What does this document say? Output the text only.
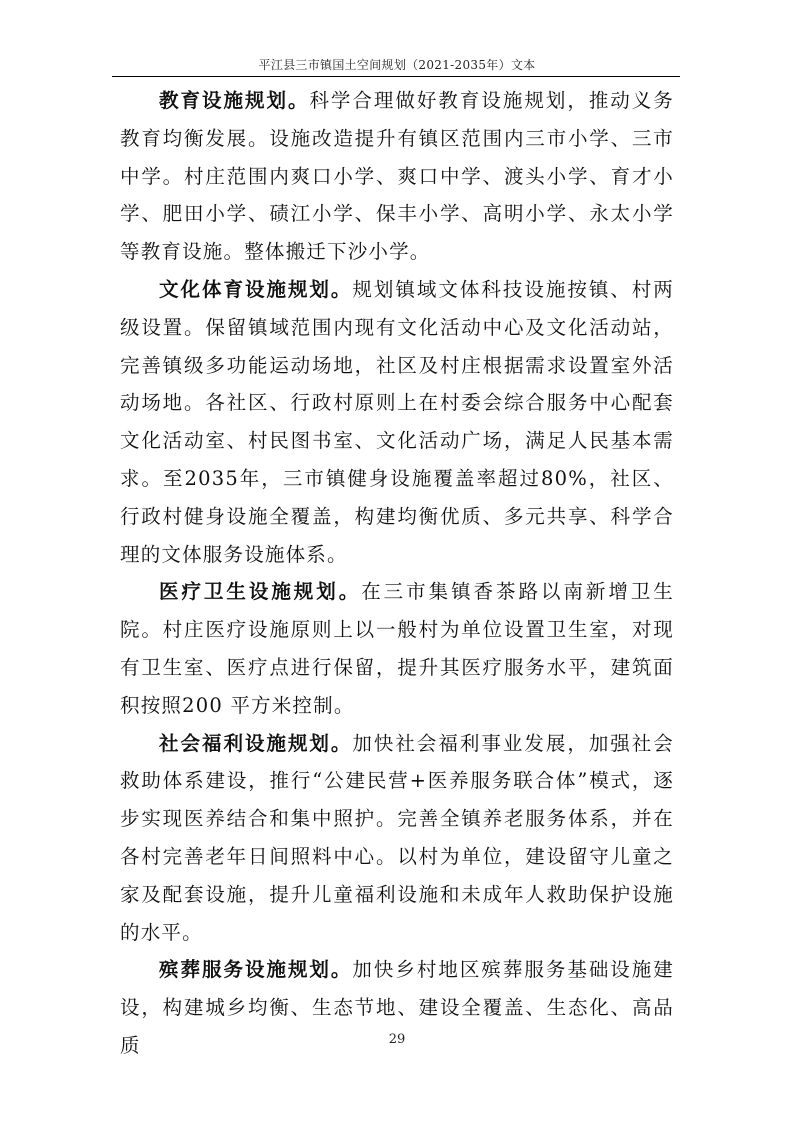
平江县三市镇国土空间规划（2021-2035年）文本

教育设施规划。科学合理做好教育设施规划，推动义务教育均衡发展。设施改造提升有镇区范围内三市小学、三市中学。村庄范围内爽口小学、爽口中学、渡头小学、育才小学、肥田小学、碛江小学、保丰小学、高明小学、永太小学等教育设施。整体搬迁下沙小学。

文化体育设施规划。规划镇域文体科技设施按镇、村两级设置。保留镇域范围内现有文化活动中心及文化活动站，完善镇级多功能运动场地，社区及村庄根据需求设置室外活动场地。各社区、行政村原则上在村委会综合服务中心配套文化活动室、村民图书室、文化活动广场，满足人民基本需求。至2035年，三市镇健身设施覆盖率超过80%，社区、行政村健身设施全覆盖，构建均衡优质、多元共享、科学合理的文体服务设施体系。

医疗卫生设施规划。在三市集镇香茶路以南新增卫生院。村庄医疗设施原则上以一般村为单位设置卫生室，对现有卫生室、医疗点进行保留，提升其医疗服务水平，建筑面积按照200 平方米控制。

社会福利设施规划。加快社会福利事业发展，加强社会救助体系建设，推行“公建民营+医养服务联合体”模式，逐步实现医养结合和集中照护。完善全镇养老服务体系，并在各村完善老年日间照料中心。以村为单位，建设留守儿童之家及配套设施，提升儿童福利设施和未成年人救助保护设施的水平。

殡葬服务设施规划。加快乡村地区殡葬服务基础设施建设，构建城乡均衡、生态节地、建设全覆盖、生态化、高品质	29
